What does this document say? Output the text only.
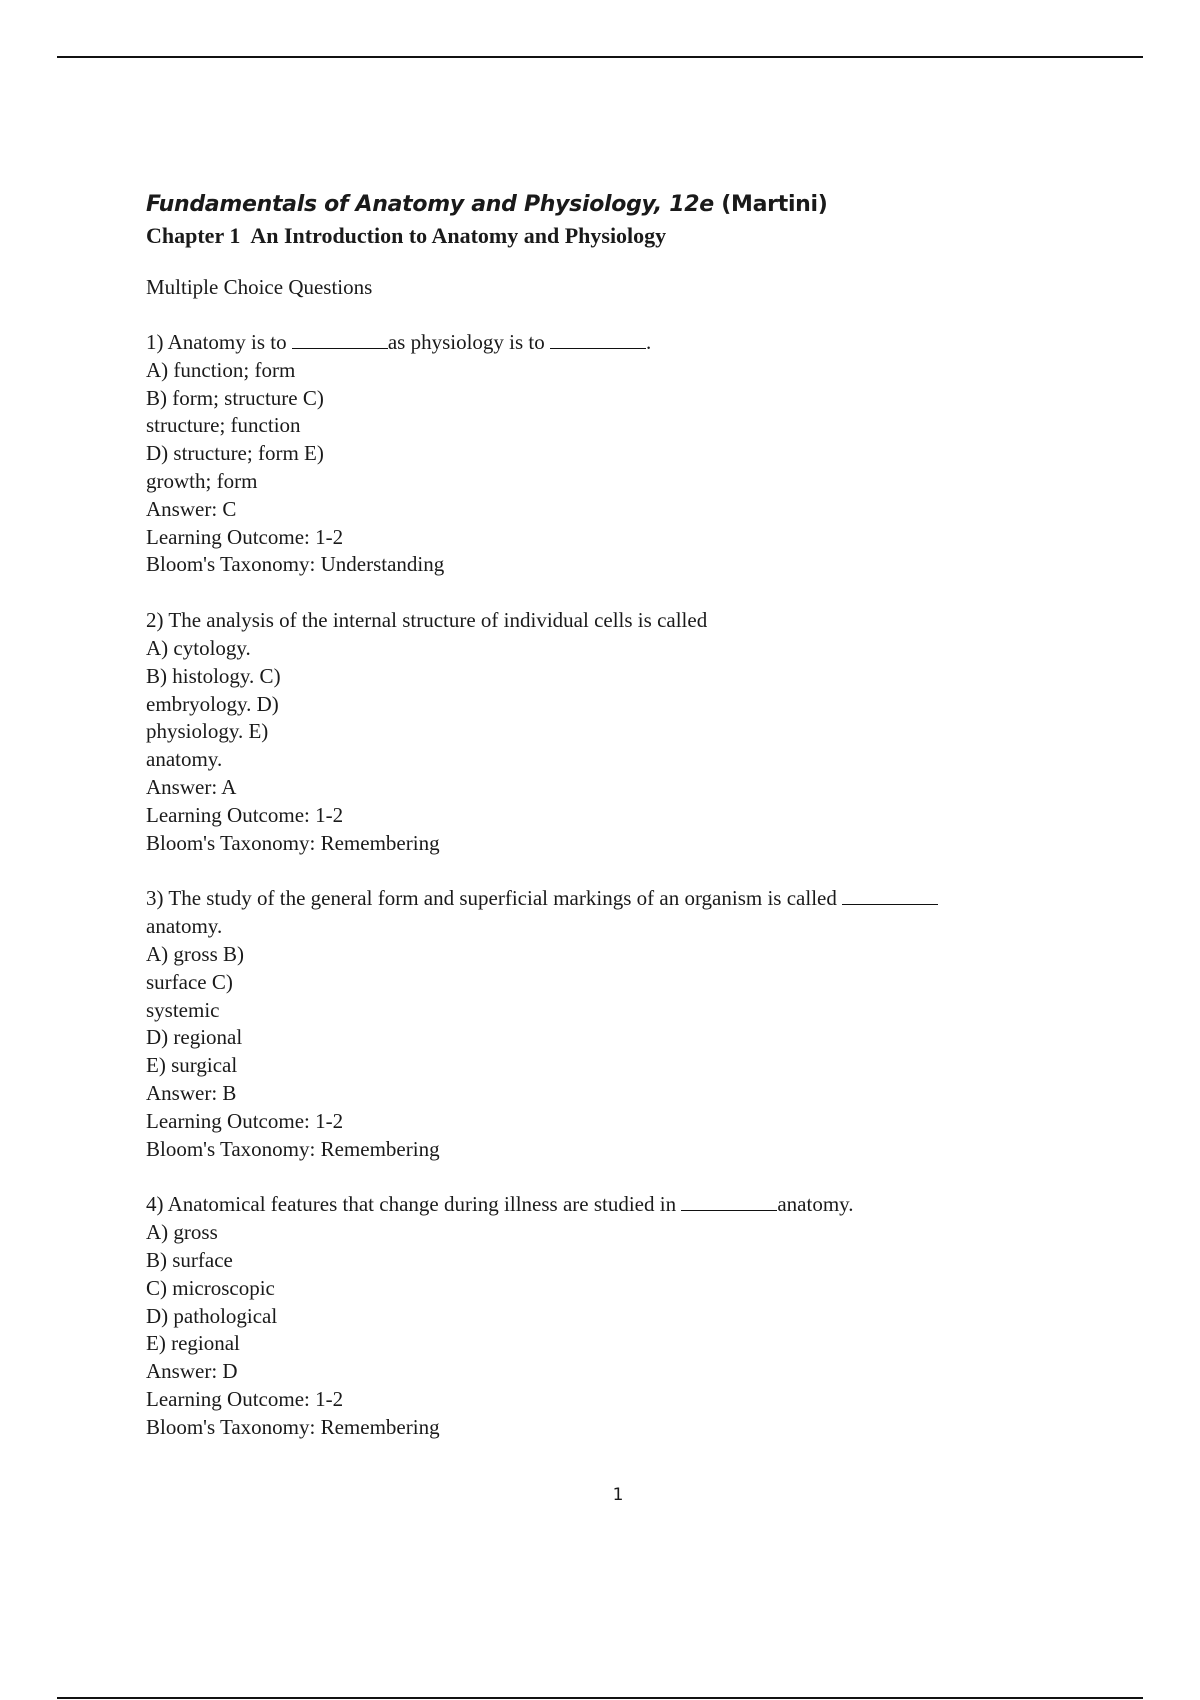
Fundamentals of Anatomy and Physiology, 12e (Martini)
Chapter 1 An Introduction to Anatomy and Physiology
Multiple Choice Questions
1) Anatomy is to	as physiology is to	.
A) function; form
B) form; structure C)
structure; function
D) structure; form E)
growth; form
Answer: C
Learning Outcome: 1-2
Bloom's Taxonomy: Understanding
2) The analysis of the internal structure of individual cells is called
A) cytology.
B) histology. C)
embryology. D)
physiology. E)
anatomy.
Answer: A
Learning Outcome: 1-2
Bloom's Taxonomy: Remembering
3) The study of the general form and superficial markings of an organism is called
anatomy.
A) gross B)
surface C)
systemic
D) regional
E) surgical
Answer: B
Learning Outcome: 1-2
Bloom's Taxonomy: Remembering
4) Anatomical features that change during illness are studied in	anatomy.
A) gross
B) surface
C) microscopic
D) pathological
E) regional
Answer: D
Learning Outcome: 1-2
Bloom's Taxonomy: Remembering
1
